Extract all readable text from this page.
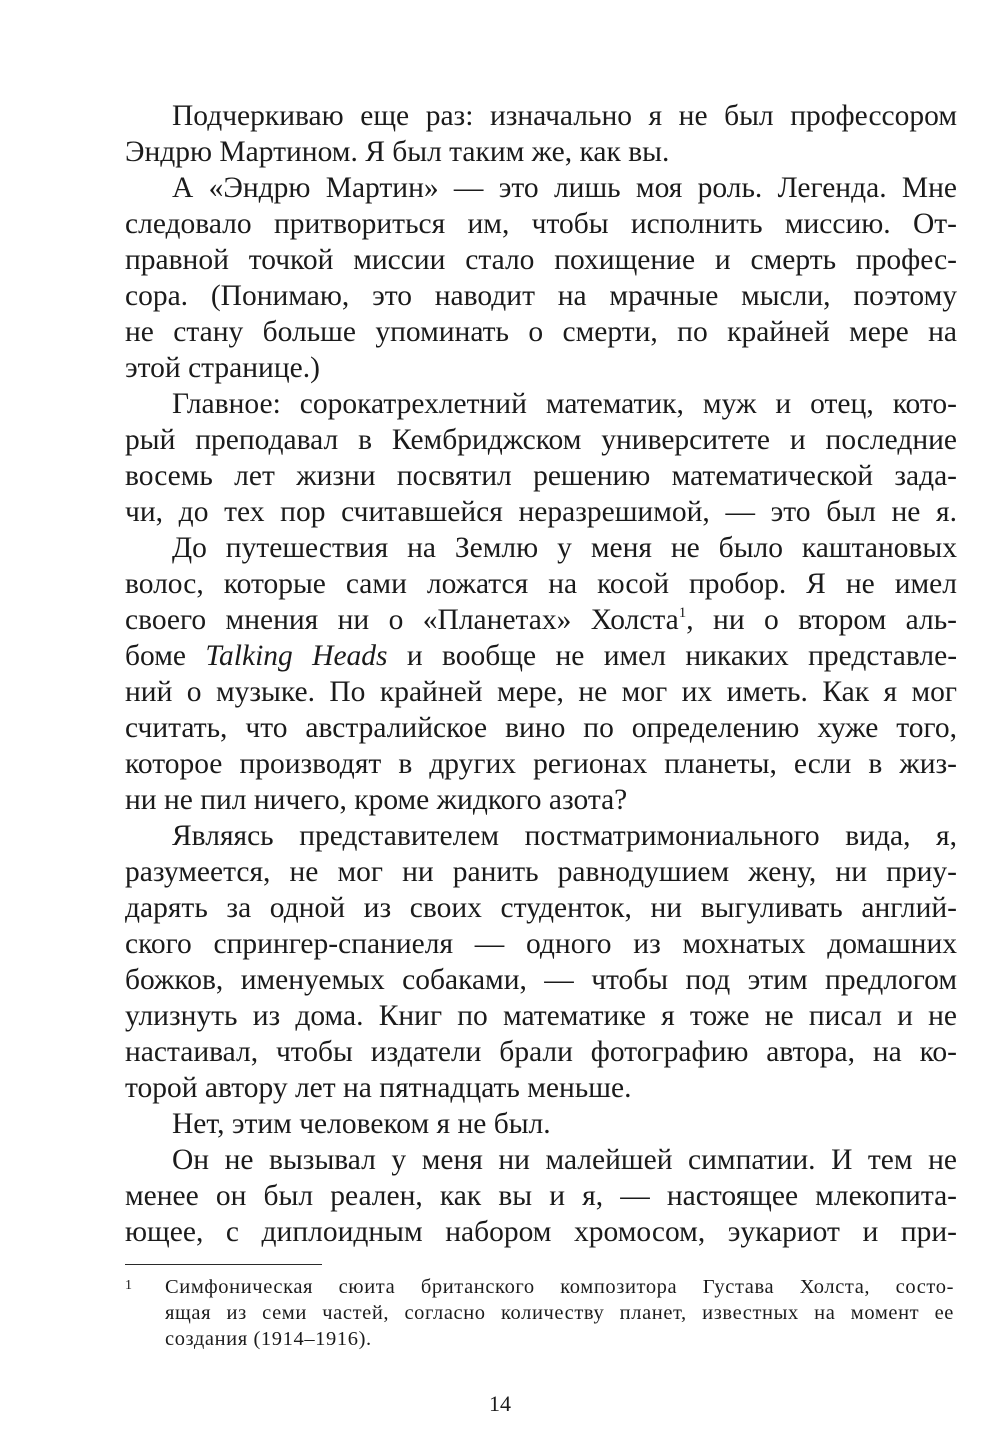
Подчеркиваю еще раз: изначально я не был профессором
Эндрю Мартином. Я был таким же, как вы.
А «Эндрю Мартин» — это лишь моя роль. Легенда. Мне
следовало притвориться им, чтобы исполнить миссию. От-
правной точкой миссии стало похищение и смерть профес-
сора. (Понимаю, это наводит на мрачные мысли, поэтому
не стану больше упоминать о смерти, по крайней мере на
этой странице.)
Главное: сорокатрехлетний математик, муж и отец, кото-
рый преподавал в Кембриджском университете и последние
восемь лет жизни посвятил решению математической зада-
чи, до тех пор считавшейся неразрешимой, — это был не я.
До путешествия на Землю у меня не было каштановых
волос, которые сами ложатся на косой пробор. Я не имел
своего мнения ни о «Планетах» Холста$^1$, ни о втором аль-
боме Talking Heads и вообще не имел никаких представле-
ний о музыке. По крайней мере, не мог их иметь. Как я мог
считать, что австралийское вино по определению хуже того,
которое производят в других регионах планеты, если в жиз-
ни не пил ничего, кроме жидкого азота?
Являясь представителем постматримониального вида, я,
разумеется, не мог ни ранить равнодушием жену, ни приу-
дарять за одной из своих студенток, ни выгуливать англий-
ского спрингер-спаниеля — одного из мохнатых домашних
божков, именуемых собаками, — чтобы под этим предлогом
улизнуть из дома. Книг по математике я тоже не писал и не
настаивал, чтобы издатели брали фотографию автора, на ко-
торой автору лет на пятнадцать меньше.
Нет, этим человеком я не был.
Он не вызывал у меня ни малейшей симпатии. И тем не
менее он был реален, как вы и я, — настоящее млекопита-
ющее, с диплоидным набором хромосом, эукариот и при-
1 Симфоническая сюита британского композитора Густава Холста, состо-
ящая из семи частей, согласно количеству планет, известных на момент ее
создания (1914–1916).
14
